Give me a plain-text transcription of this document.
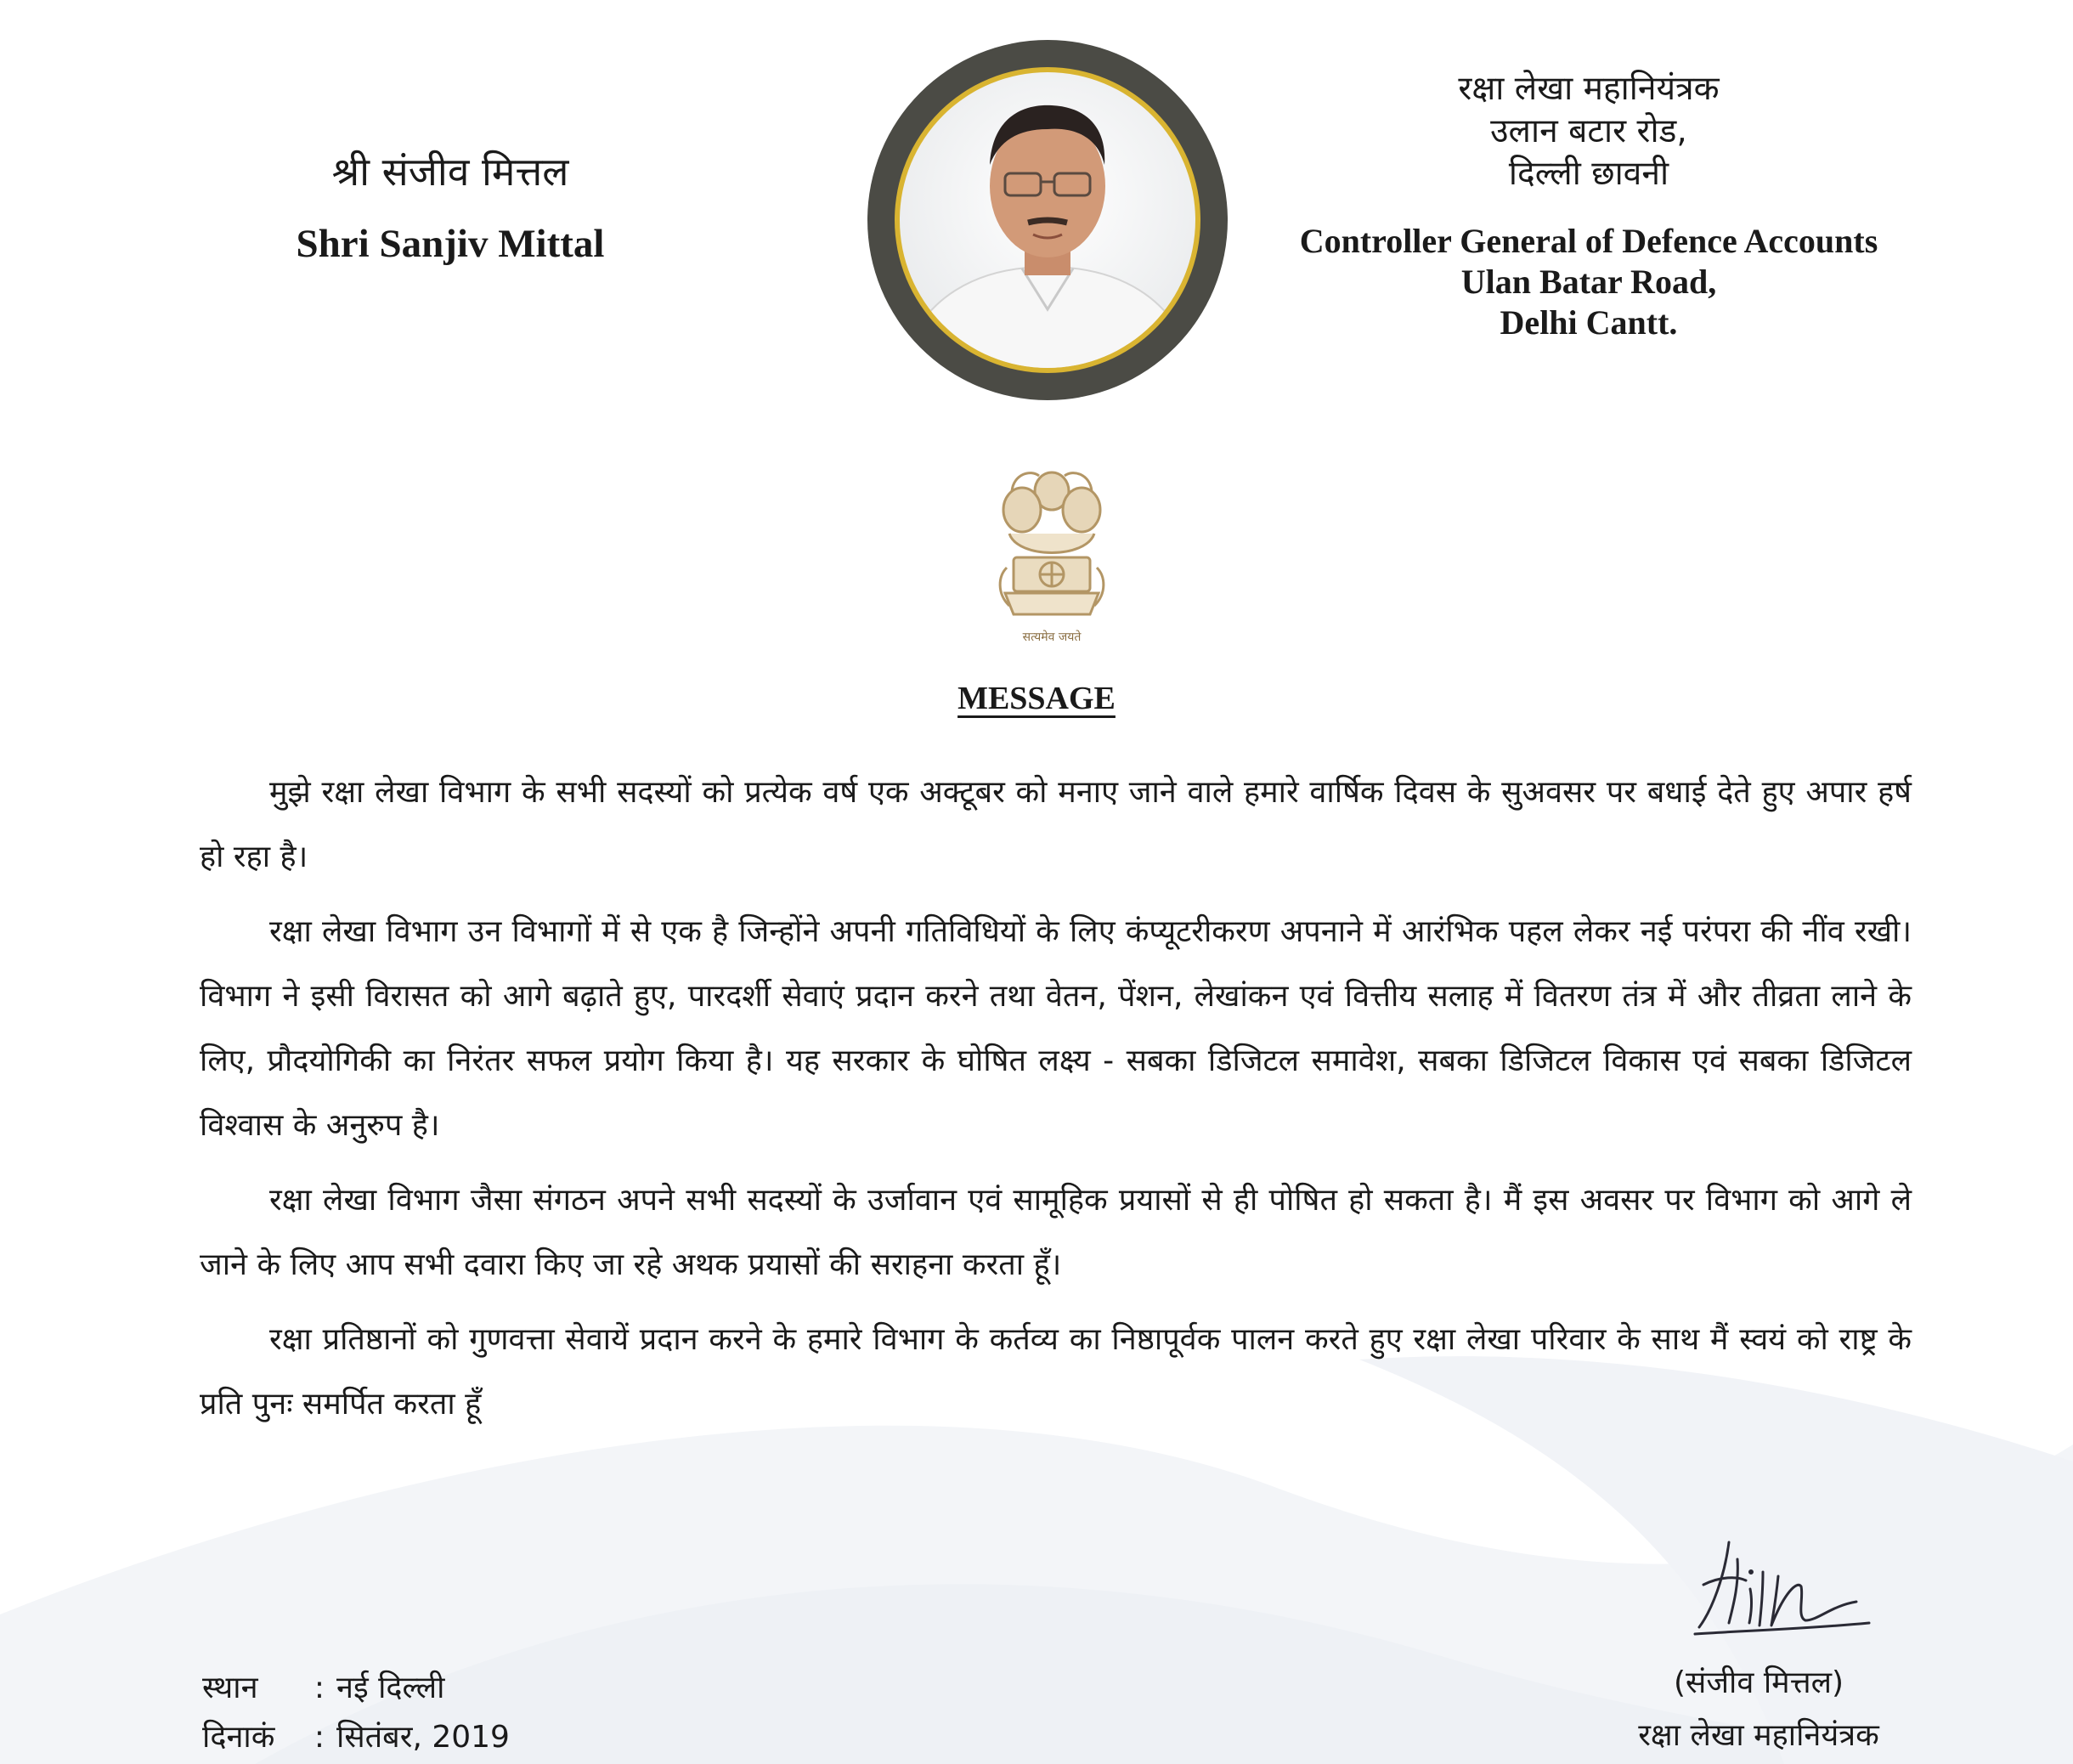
श्री संजीव मित्तल
Shri Sanjiv Mittal
रक्षा लेखा महानियंत्रक
उलान बटार रोड,
दिल्ली छावनी
Controller General of Defence Accounts
Ulan Batar Road,
Delhi Cantt.
सत्यमेव जयते
MESSAGE

मुझे रक्षा लेखा विभाग के सभी सदस्यों को प्रत्येक वर्ष एक अक्टूबर को मनाए जाने वाले हमारे वार्षिक दिवस के सुअवसर पर बधाई देते हुए अपार हर्ष हो रहा है।

रक्षा लेखा विभाग उन विभागों में से एक है जिन्होंने अपनी गतिविधियों के लिए कंप्यूटरीकरण अपनाने में आरंभिक पहल लेकर नई परंपरा की नींव रखी। विभाग ने इसी विरासत को आगे बढ़ाते हुए, पारदर्शी सेवाएं प्रदान करने तथा वेतन, पेंशन, लेखांकन एवं वित्तीय सलाह में वितरण तंत्र में और तीव्रता लाने के लिए, प्रौदयोगिकी का निरंतर सफल प्रयोग किया है। यह सरकार के घोषित लक्ष्य - सबका डिजिटल समावेश, सबका डिजिटल विकास एवं सबका डिजिटल विश्वास के अनुरुप है।

रक्षा लेखा विभाग जैसा संगठन अपने सभी सदस्यों के उर्जावान एवं सामूहिक प्रयासों से ही पोषित हो सकता है। मैं इस अवसर पर विभाग को आगे ले जाने के लिए आप सभी दवारा किए जा रहे अथक प्रयासों की सराहना करता हूँ।

रक्षा प्रतिष्ठानों को गुणवत्ता सेवायें प्रदान करने के हमारे विभाग के कर्तव्य का निष्ठापूर्वक पालन करते हुए रक्षा लेखा परिवार के साथ मैं स्वयं को राष्ट्र के प्रति पुनः समर्पित करता हूँ

स्थान : नई दिल्ली
दिनाकं : सितंबर, 2019
(संजीव मित्तल)
रक्षा लेखा महानियंत्रक
